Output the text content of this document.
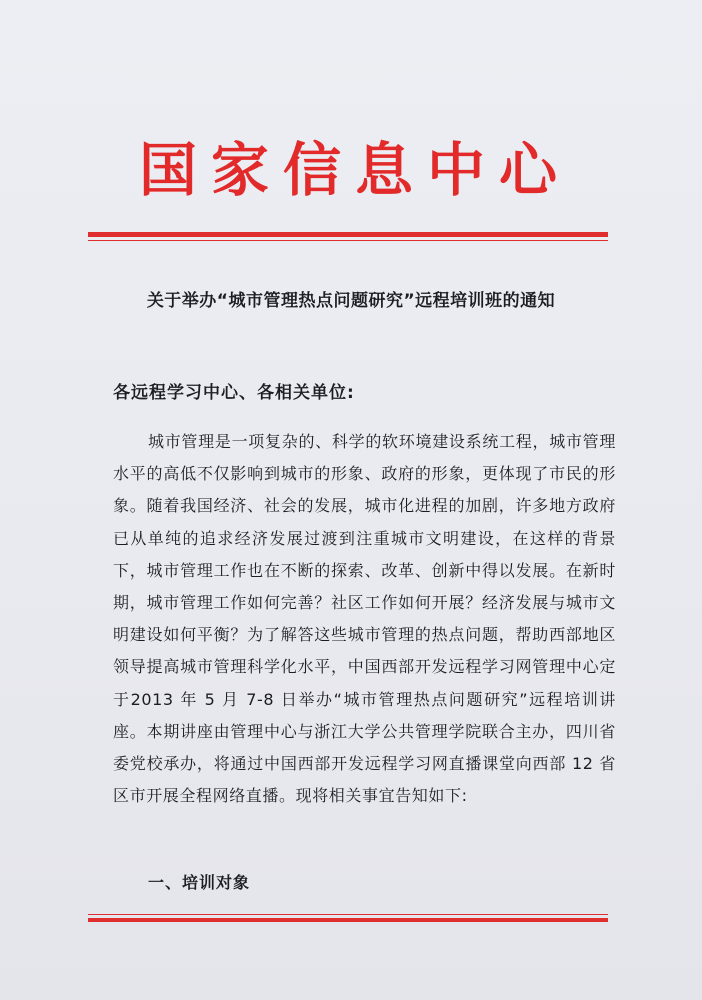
国家信息中心
关于举办“城市管理热点问题研究”远程培训班的通知
各远程学习中心、各相关单位:

城市管理是一项复杂的、科学的软环境建设系统工程，城市管理水平的高低不仅影响到城市的形象、政府的形象，更体现了市民的形象。随着我国经济、社会的发展，城市化进程的加剧，许多地方政府已从单纯的追求经济发展过渡到注重城市文明建设，在这样的背景下，城市管理工作也在不断的探索、改革、创新中得以发展。在新时期，城市管理工作如何完善？社区工作如何开展？经济发展与城市文明建设如何平衡？为了解答这些城市管理的热点问题，帮助西部地区领导提高城市管理科学化水平，中国西部开发远程学习网管理中心定于2013 年 5 月 7-8 日举办“城市管理热点问题研究”远程培训讲座。本期讲座由管理中心与浙江大学公共管理学院联合主办，四川省委党校承办，将通过中国西部开发远程学习网直播课堂向西部 12 省区市开展全程网络直播。现将相关事宜告知如下:

一、培训对象
